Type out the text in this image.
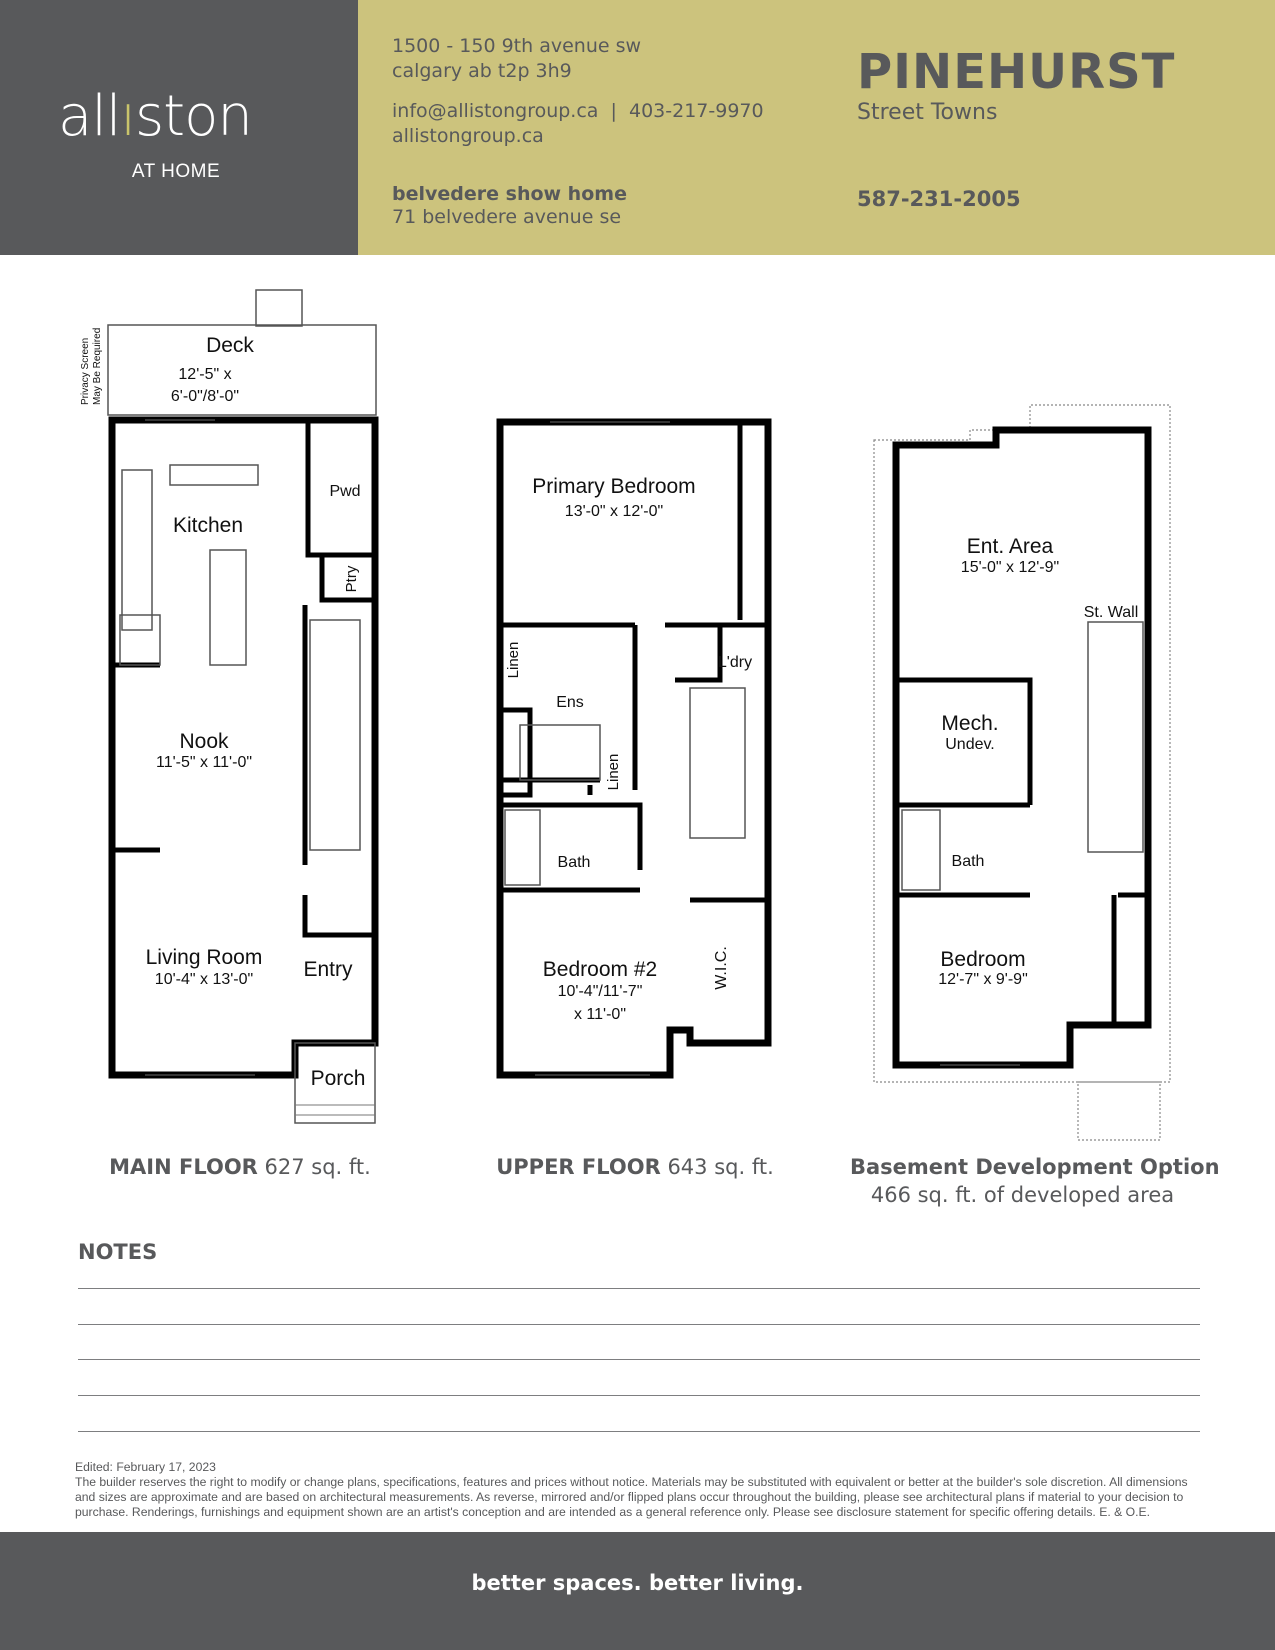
allıston
AT HOME
1500 - 150 9th avenue sw
calgary ab t2p 3h9
info@allistongroup.ca  |  403-217-9970
allistongroup.ca
belvedere show home
71 belvedere avenue se
PINEHURST
Street Towns
587-231-2005
Privacy Screen May Be Required	Deck
12'-5" x
6'-0"/8'-0"
Pwd
Kitchen
Ptry
Nook
11'-5" x 11'-0"
Living Room
10'-4" x 13'-0" Entry
Porch
Primary Bedroom
13'-0" x 12'-0"
Linen	L'dry
Ens
Linen
Bath
Bedroom #2
10'-4"/11'-7"
x 11'-0"
W.I.C.
Ent. Area
15'-0" x 12'-9"
St. Wall
Mech.
Undev.
Bath
Bedroom
12'-7" x 9'-9"
MAIN FLOOR 627 sq. ft.	UPPER FLOOR 643 sq. ft.	Basement Development Option
466 sq. ft. of developed area
NOTES
Edited: February 17, 2023
The builder reserves the right to modify or change plans, specifications, features and prices without notice. Materials may be substituted with equivalent or better at the builder's sole discretion. All dimensions and sizes are approximate and are based on architectural measurements. As reverse, mirrored and/or flipped plans occur throughout the building, please see architectural plans if material to your decision to purchase. Renderings, furnishings and equipment shown are an artist's conception and are intended as a general reference only. Please see disclosure statement for specific offering details. E. & O.E.
better spaces. better living.
